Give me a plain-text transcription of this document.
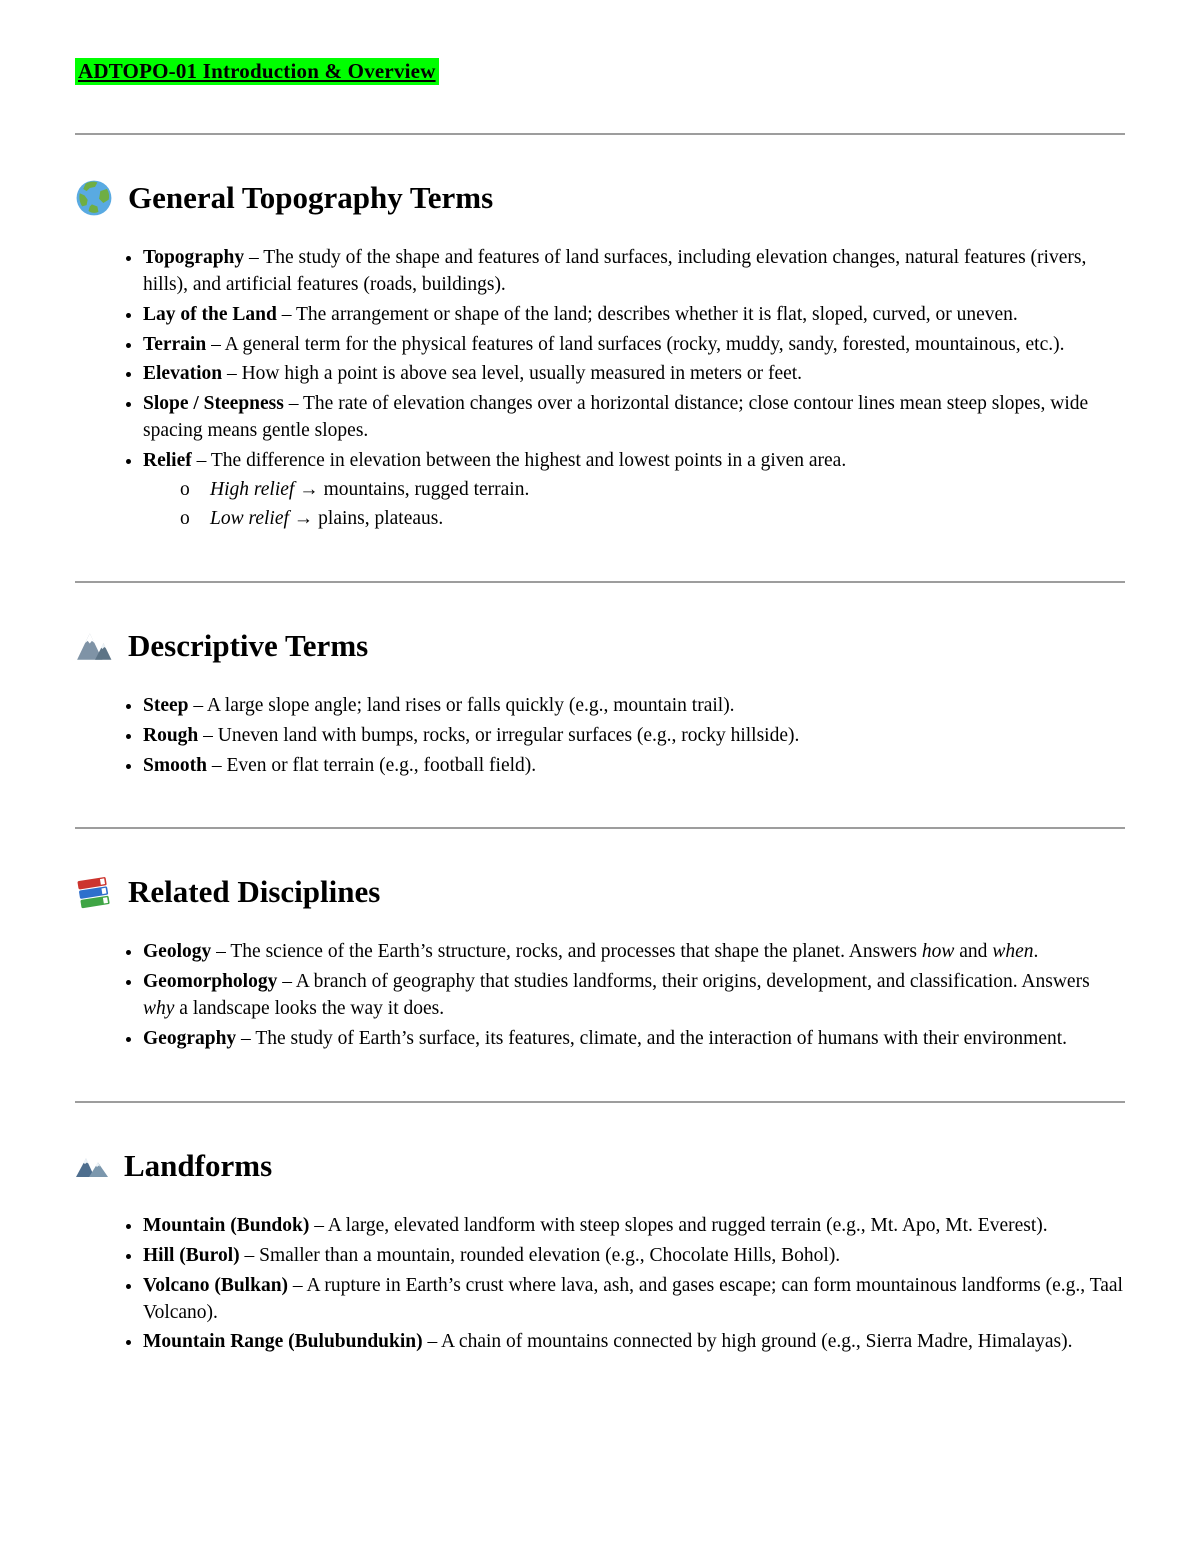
ADTOPO-01 Introduction & Overview
General Topography Terms
• Topography – The study of the shape and features of land surfaces, including elevation changes, natural features (rivers, hills), and artificial features (roads, buildings).
• Lay of the Land – The arrangement or shape of the land; describes whether it is flat, sloped, curved, or uneven.
• Terrain – A general term for the physical features of land surfaces (rocky, muddy, sandy, forested, mountainous, etc.).
• Elevation – How high a point is above sea level, usually measured in meters or feet.
• Slope / Steepness – The rate of elevation changes over a horizontal distance; close contour lines mean steep slopes, wide spacing means gentle slopes.
• Relief – The difference in elevation between the highest and lowest points in a given area.
o High relief → mountains, rugged terrain.
o Low relief → plains, plateaus.
Descriptive Terms
• Steep – A large slope angle; land rises or falls quickly (e.g., mountain trail).
• Rough – Uneven land with bumps, rocks, or irregular surfaces (e.g., rocky hillside).
• Smooth – Even or flat terrain (e.g., football field).
Related Disciplines
• Geology – The science of the Earth’s structure, rocks, and processes that shape the planet. Answers how and when.
• Geomorphology – A branch of geography that studies landforms, their origins, development, and classification. Answers why a landscape looks the way it does.
• Geography – The study of Earth’s surface, its features, climate, and the interaction of humans with their environment.
Landforms
• Mountain (Bundok) – A large, elevated landform with steep slopes and rugged terrain (e.g., Mt. Apo, Mt. Everest).
• Hill (Burol) – Smaller than a mountain, rounded elevation (e.g., Chocolate Hills, Bohol).
• Volcano (Bulkan) – A rupture in Earth’s crust where lava, ash, and gases escape; can form mountainous landforms (e.g., Taal Volcano).
• Mountain Range (Bulubundukin) – A chain of mountains connected by high ground (e.g., Sierra Madre, Himalayas).
